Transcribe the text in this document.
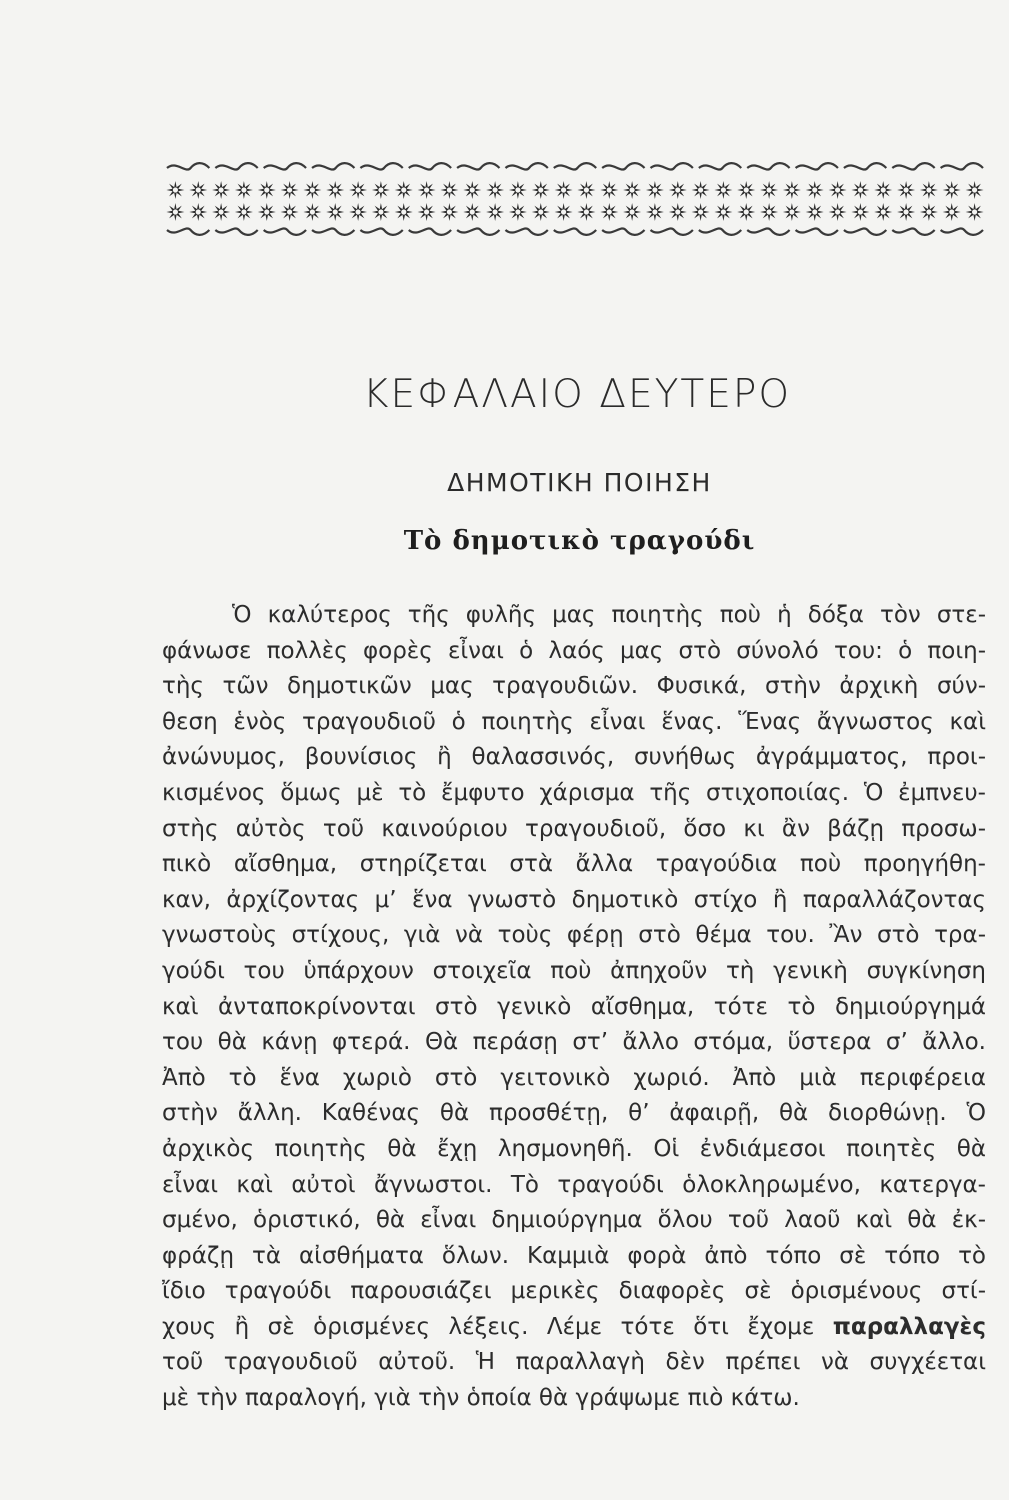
ΚΕΦΑΛΑΙΟ ΔΕΥΤΕΡΟ
ΔΗΜΟΤΙΚΗ ΠΟΙΗΣΗ
Τὸ δημοτικὸ τραγούδι
Ὁ καλύτερος τῆς φυλῆς μας ποιητὴς ποὺ ἡ δόξα τὸν στε-
φάνωσε πολλὲς φορὲς εἶναι ὁ λαός μας στὸ σύνολό του: ὁ ποιη-
τὴς τῶν δημοτικῶν μας τραγουδιῶν. Φυσικά, στὴν ἀρχικὴ σύν-
θεση ἑνὸς τραγουδιοῦ ὁ ποιητὴς εἶναι ἕνας. Ἕνας ἄγνωστος καὶ
ἀνώνυμος, βουνίσιος ἢ θαλασσινός, συνήθως ἀγράμματος, προι-
κισμένος ὅμως μὲ τὸ ἔμφυτο χάρισμα τῆς στιχοποιίας. Ὁ ἐμπνευ-
στὴς αὐτὸς τοῦ καινούριου τραγουδιοῦ, ὅσο κι ἂν βάζῃ προσω-
πικὸ αἴσθημα, στηρίζεται στὰ ἄλλα τραγούδια ποὺ προηγήθη-
καν, ἀρχίζοντας μ’ ἕνα γνωστὸ δημοτικὸ στίχο ἢ παραλλάζοντας
γνωστοὺς στίχους, γιὰ νὰ τοὺς φέρῃ στὸ θέμα του. Ἂν στὸ τρα-
γούδι του ὑπάρχουν στοιχεῖα ποὺ ἀπηχοῦν τὴ γενικὴ συγκίνηση
καὶ ἀνταποκρίνονται στὸ γενικὸ αἴσθημα, τότε τὸ δημιούργημά
του θὰ κάνῃ φτερά. Θὰ περάσῃ στ’ ἄλλο στόμα, ὕστερα σ’ ἄλλο.
Ἀπὸ τὸ ἕνα χωριὸ στὸ γειτονικὸ χωριό. Ἀπὸ μιὰ περιφέρεια
στὴν ἄλλη. Καθένας θὰ προσθέτῃ, θ’ ἀφαιρῇ, θὰ διορθώνῃ. Ὁ
ἀρχικὸς ποιητὴς θὰ ἔχῃ λησμονηθῆ. Οἱ ἐνδιάμεσοι ποιητὲς θὰ
εἶναι καὶ αὐτοὶ ἄγνωστοι. Τὸ τραγούδι ὁλοκληρωμένο, κατεργα-
σμένο, ὁριστικό, θὰ εἶναι δημιούργημα ὅλου τοῦ λαοῦ καὶ θὰ ἐκ-
φράζῃ τὰ αἰσθήματα ὅλων. Καμμιὰ φορὰ ἀπὸ τόπο σὲ τόπο τὸ
ἴδιο τραγούδι παρουσιάζει μερικὲς διαφορὲς σὲ ὁρισμένους στί-
χους ἢ σὲ ὁρισμένες λέξεις. Λέμε τότε ὅτι ἔχομε παραλλαγὲς
τοῦ τραγουδιοῦ αὐτοῦ. Ἡ παραλλαγὴ δὲν πρέπει νὰ συγχέεται
μὲ τὴν παραλογή, γιὰ τὴν ὁποία θὰ γράψωμε πιὸ κάτω.
